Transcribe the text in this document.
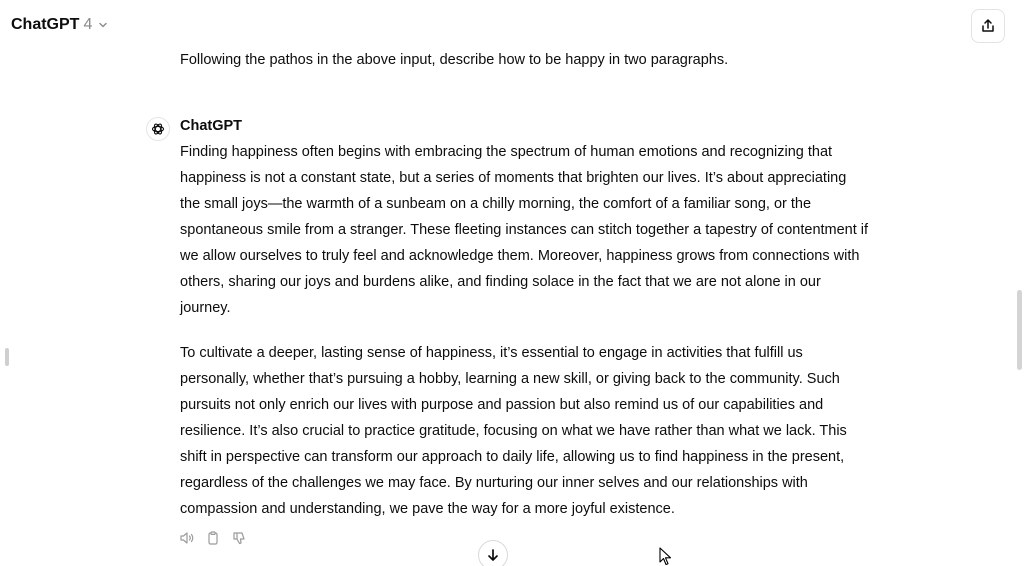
ChatGPT 4
Following the pathos in the above input, describe how to be happy in two paragraphs.
ChatGPT

Finding happiness often begins with embracing the spectrum of human emotions and recognizing that happiness is not a constant state, but a series of moments that brighten our lives. It’s about appreciating the small joys—the warmth of a sunbeam on a chilly morning, the comfort of a familiar song, or the spontaneous smile from a stranger. These fleeting instances can stitch together a tapestry of contentment if we allow ourselves to truly feel and acknowledge them. Moreover, happiness grows from connections with others, sharing our joys and burdens alike, and finding solace in the fact that we are not alone in our journey.

To cultivate a deeper, lasting sense of happiness, it’s essential to engage in activities that fulfill us personally, whether that’s pursuing a hobby, learning a new skill, or giving back to the community. Such pursuits not only enrich our lives with purpose and passion but also remind us of our capabilities and resilience. It’s also crucial to practice gratitude, focusing on what we have rather than what we lack. This shift in perspective can transform our approach to daily life, allowing us to find happiness in the present, regardless of the challenges we may face. By nurturing our inner selves and our relationships with compassion and understanding, we pave the way for a more joyful existence.
